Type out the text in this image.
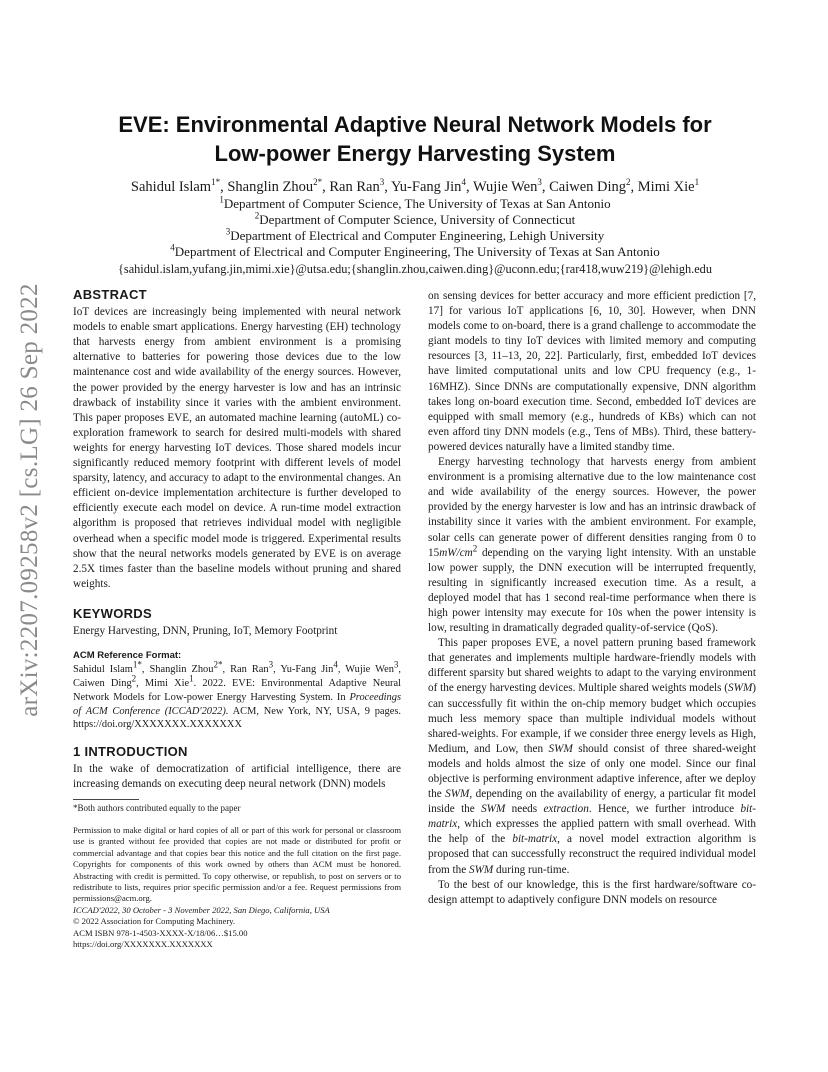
arXiv:2207.09258v2 [cs.LG] 26 Sep 2022
EVE: Environmental Adaptive Neural Network Models for
Low-power Energy Harvesting System
Sahidul Islam$^{1*}$, Shanglin Zhou$^{2*}$, Ran Ran$^3$, Yu-Fang Jin$^4$, Wujie Wen$^3$, Caiwen Ding$^2$, Mimi Xie$^1$
$^1$Department of Computer Science, The University of Texas at San Antonio
$^2$Department of Computer Science, University of Connecticut
$^3$Department of Electrical and Computer Engineering, Lehigh University
$^4$Department of Electrical and Computer Engineering, The University of Texas at San Antonio
{sahidul.islam,yufang.jin,mimi.xie}@utsa.edu;{shanglin.zhou,caiwen.ding}@uconn.edu;{rar418,wuw219}@lehigh.edu
ABSTRACT

IoT devices are increasingly being implemented with neural network models to enable smart applications. Energy harvesting (EH) technology that harvests energy from ambient environment is a promising alternative to batteries for powering those devices due to the low maintenance cost and wide availability of the energy sources. However, the power provided by the energy harvester is low and has an intrinsic drawback of instability since it varies with the ambient environment. This paper proposes EVE, an automated machine learning (autoML) co-exploration framework to search for desired multi-models with shared weights for energy harvesting IoT devices. Those shared models incur significantly reduced memory footprint with different levels of model sparsity, latency, and accuracy to adapt to the environmental changes. An efficient on-device implementation architecture is further developed to efficiently execute each model on device. A run-time model extraction algorithm is proposed that retrieves individual model with negligible overhead when a specific model mode is triggered. Experimental results show that the neural networks models generated by EVE is on average 2.5X times faster than the baseline models without pruning and shared weights.

KEYWORDS

Energy Harvesting, DNN, Pruning, IoT, Memory Footprint

ACM Reference Format:

Sahidul Islam$^{1*}$, Shanglin Zhou$^{2*}$, Ran Ran$^3$, Yu-Fang Jin$^4$, Wujie Wen$^3$, Caiwen Ding$^2$, Mimi Xie$^1$. 2022. EVE: Environmental Adaptive Neural Network Models for Low-power Energy Harvesting System. In Proceedings of ACM Conference (ICCAD'2022). ACM, New York, NY, USA, 9 pages. https://doi.org/XXXXXXX.XXXXXXX

1 INTRODUCTION

In the wake of democratization of artificial intelligence, there are increasing demands on executing deep neural network (DNN) models

*Both authors contributed equally to the paper

Permission to make digital or hard copies of all or part of this work for personal or classroom use is granted without fee provided that copies are not made or distributed for profit or commercial advantage and that copies bear this notice and the full citation on the first page. Copyrights for components of this work owned by others than ACM must be honored. Abstracting with credit is permitted. To copy otherwise, or republish, to post on servers or to redistribute to lists, requires prior specific permission and/or a fee. Request permissions from permissions@acm.org.

ICCAD'2022, 30 October - 3 November 2022, San Diego, California, USA

© 2022 Association for Computing Machinery.

ACM ISBN 978-1-4503-XXXX-X/18/06…$15.00

https://doi.org/XXXXXXX.XXXXXXX

on sensing devices for better accuracy and more efficient prediction [7, 17] for various IoT applications [6, 10, 30]. However, when DNN models come to on-board, there is a grand challenge to accommodate the giant models to tiny IoT devices with limited memory and computing resources [3, 11–13, 20, 22]. Particularly, first, embedded IoT devices have limited computational units and low CPU frequency (e.g., 1-16MHZ). Since DNNs are computationally expensive, DNN algorithm takes long on-board execution time. Second, embedded IoT devices are equipped with small memory (e.g., hundreds of KBs) which can not even afford tiny DNN models (e.g., Tens of MBs). Third, these battery-powered devices naturally have a limited standby time.

Energy harvesting technology that harvests energy from ambient environment is a promising alternative due to the low maintenance cost and wide availability of the energy sources. However, the power provided by the energy harvester is low and has an intrinsic drawback of instability since it varies with the ambient environment. For example, solar cells can generate power of different densities ranging from 0 to $15mW/cm^2$ depending on the varying light intensity. With an unstable low power supply, the DNN execution will be interrupted frequently, resulting in significantly increased execution time. As a result, a deployed model that has 1 second real-time performance when there is high power intensity may execute for 10s when the power intensity is low, resulting in dramatically degraded quality-of-service (QoS).

This paper proposes EVE, a novel pattern pruning based framework that generates and implements multiple hardware-friendly models with different sparsity but shared weights to adapt to the varying environment of the energy harvesting devices. Multiple shared weights models (SWM) can successfully fit within the on-chip memory budget which occupies much less memory space than multiple individual models without shared-weights. For example, if we consider three energy levels as High, Medium, and Low, then SWM should consist of three shared-weight models and holds almost the size of only one model. Since our final objective is performing environment adaptive inference, after we deploy the SWM, depending on the availability of energy, a particular fit model inside the SWM needs extraction. Hence, we further introduce bit-matrix, which expresses the applied pattern with small overhead. With the help of the bit-matrix, a novel model extraction algorithm is proposed that can successfully reconstruct the required individual model from the SWM during run-time.

To the best of our knowledge, this is the first hardware/software co-design attempt to adaptively configure DNN models on resource
